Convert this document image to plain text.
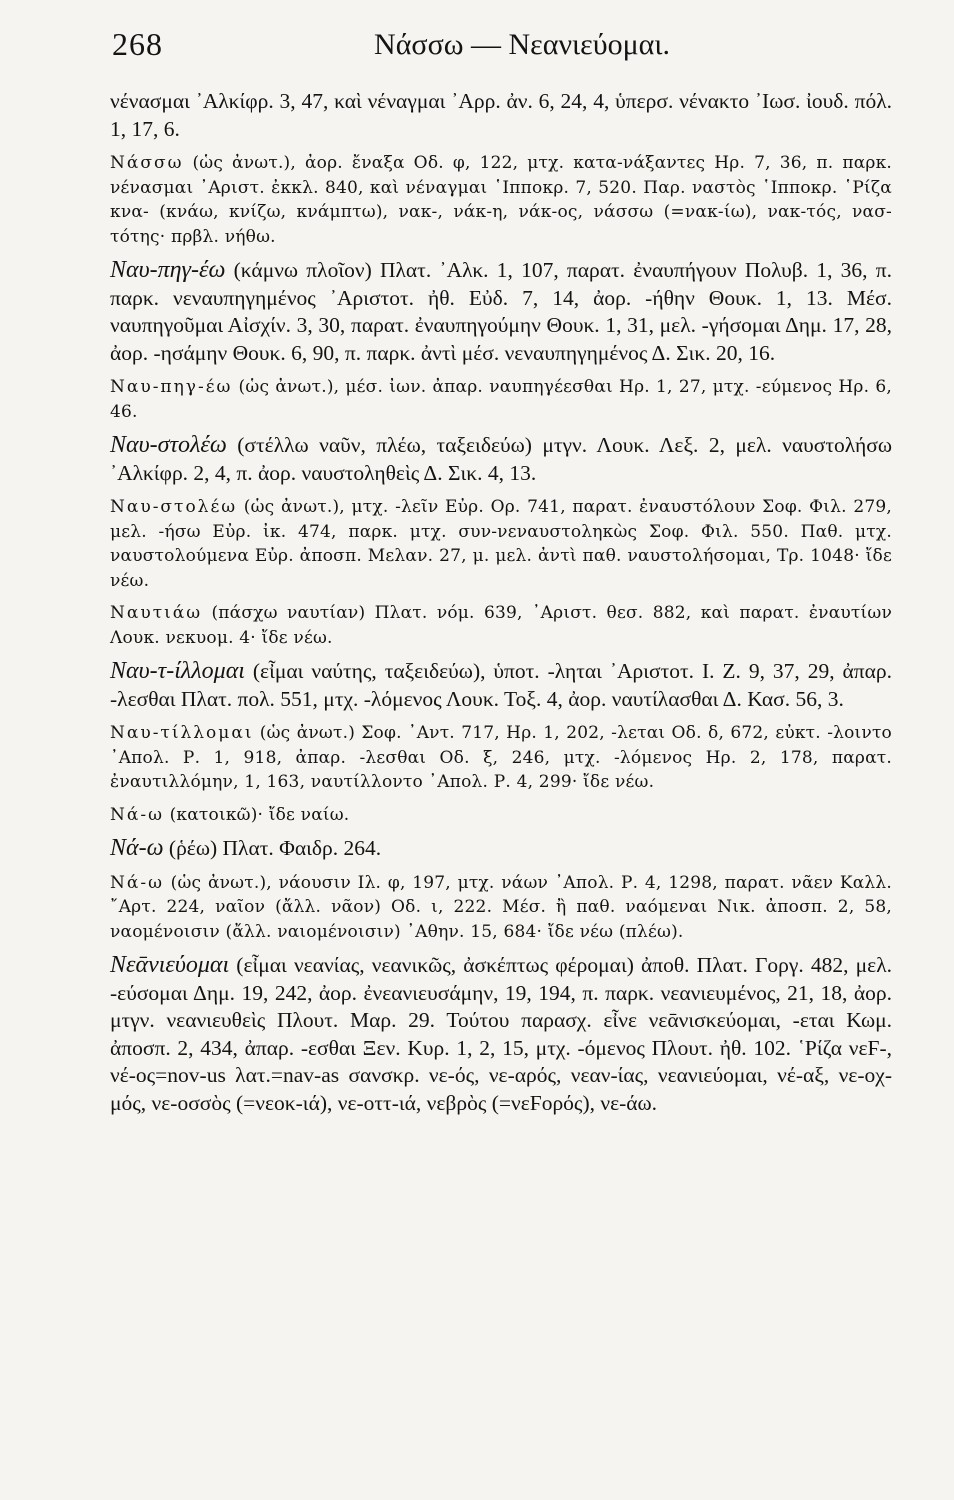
268	Νάσσω — Νεανιεύομαι.

νένασμαι ᾿Αλκίφρ. 3, 47, καὶ νέναγμαι ᾿Αρρ. ἀν. 6, 24, 4, ὑπερσ. νένακτο ᾿Ιωσ. ἰουδ. πόλ. 1, 17, 6.

Νάσσω (ὡς ἀνωτ.), ἀορ. ἔναξα Οδ. φ, 122, μτχ. κατα-νάξαντες Ηρ. 7, 36, π. παρκ. νένασμαι ᾿Αριστ. ἐκκλ. 840, καὶ νέναγμαι ῾Ιπποκρ. 7, 520. Παρ. ναστὸς ῾Ιπποκρ. ῾Ρίζα κνα- (κνάω, κνίζω, κνάμπτω), νακ-, νάκ-η, νάκ-ος, νάσσω (=νακ-ίω), νακ-τός, νασ-τότης· πρβλ. νήθω.

Ναυ-πηγ-έω (κάμνω πλοῖον) Πλατ. ᾿Αλκ. 1, 107, παρατ. ἐναυπήγουν Πολυβ. 1, 36, π. παρκ. νεναυπηγημένος ᾿Αριστοτ. ἠθ. Εὐδ. 7, 14, ἀορ. -ήθην Θουκ. 1, 13. Μέσ. ναυπηγοῦμαι Αἰσχίν. 3, 30, παρατ. ἐναυπηγούμην Θουκ. 1, 31, μελ. -γήσομαι Δημ. 17, 28, ἀορ. -ησάμην Θουκ. 6, 90, π. παρκ. ἀντὶ μέσ. νεναυπηγημένος Δ. Σικ. 20, 16.

Ναυ-πηγ-έω (ὡς ἀνωτ.), μέσ. ἰων. ἀπαρ. ναυπηγέεσθαι Ηρ. 1, 27, μτχ. -εύμενος Ηρ. 6, 46.

Ναυ-στολέω (στέλλω ναῦν, πλέω, ταξειδεύω) μτγν. Λουκ. Λεξ. 2, μελ. ναυστολήσω ᾿Αλκίφρ. 2, 4, π. ἀορ. ναυστοληθεὶς Δ. Σικ. 4, 13.

Ναυ-στολέω (ὡς ἀνωτ.), μτχ. -λεῖν Εὐρ. Ορ. 741, παρατ. ἐναυστόλουν Σοφ. Φιλ. 279, μελ. -ήσω Εὐρ. ἰκ. 474, παρκ. μτχ. συν-νεναυστοληκὼς Σοφ. Φιλ. 550. Παθ. μτχ. ναυστολούμενα Εὐρ. ἀποσπ. Μελαν. 27, μ. μελ. ἀντὶ παθ. ναυστολήσομαι, Τρ. 1048· ἴδε νέω.

Ναυτιάω (πάσχω ναυτίαν) Πλατ. νόμ. 639, ᾿Αριστ. θεσ. 882, καὶ παρατ. ἐναυτίων Λουκ. νεκυομ. 4· ἴδε νέω.

Ναυ-τ-ίλλομαι (εἶμαι ναύτης, ταξειδεύω), ὑποτ. -ληται ᾿Αριστοτ. Ι. Ζ. 9, 37, 29, ἀπαρ. -λεσθαι Πλατ. πολ. 551, μτχ. -λόμενος Λουκ. Τοξ. 4, ἀορ. ναυτίλασθαι Δ. Κασ. 56, 3.

Ναυ-τίλλομαι (ὡς ἀνωτ.) Σοφ. ᾿Αντ. 717, Ηρ. 1, 202, -λεται Οδ. δ, 672, εὐκτ. -λοιντο ᾿Απολ. Ρ. 1, 918, ἀπαρ. -λεσθαι Οδ. ξ, 246, μτχ. -λόμενος Ηρ. 2, 178, παρατ. ἐναυτιλλόμην, 1, 163, ναυτίλλοντο ᾿Απολ. Ρ. 4, 299· ἴδε νέω.

Νά-ω (κατοικῶ)· ἴδε ναίω.

Νά-ω (ῥέω) Πλατ. Φαιδρ. 264.

Νά-ω (ὡς ἀνωτ.), νάουσιν Ιλ. φ, 197, μτχ. νάων ᾿Απολ. Ρ. 4, 1298, παρατ. νᾶεν Καλλ. ῎Αρτ. 224, ναῖον (ἄλλ. νᾶον) Οδ. ι, 222. Μέσ. ἢ παθ. ναόμεναι Νικ. ἀποσπ. 2, 58, ναομένοισιν (ἄλλ. ναιομένοισιν) ᾿Αθην. 15, 684· ἴδε νέω (πλέω).

Νεᾱνιεύομαι (εἶμαι νεανίας, νεανικῶς, ἀσκέπτως φέρομαι) ἀποθ. Πλατ. Γοργ. 482, μελ. -εύσομαι Δημ. 19, 242, ἀορ. ἐνεανιευσάμην, 19, 194, π. παρκ. νεανιευμένος, 21, 18, ἀορ. μτγν. νεανιευθεὶς Πλουτ. Μαρ. 29. Τούτου παρασχ. εἶνε νεᾱνισκεύομαι, -εται Κωμ. ἀποσπ. 2, 434, ἀπαρ. -εσθαι Ξεν. Κυρ. 1, 2, 15, μτχ. -όμενος Πλουτ. ἠθ. 102. ῾Ρίζα νεϜ-, νέ-ος=nov-us λατ.=nav-as σανσκρ. νε-ός, νε-αρός, νεαν-ίας, νεανιεύομαι, νέ-αξ, νε-οχ-μός, νε-οσσὸς (=νεοκ-ιά), νε-οττ-ιά, νεβρὸς (=νεϜορός), νε-άω.
